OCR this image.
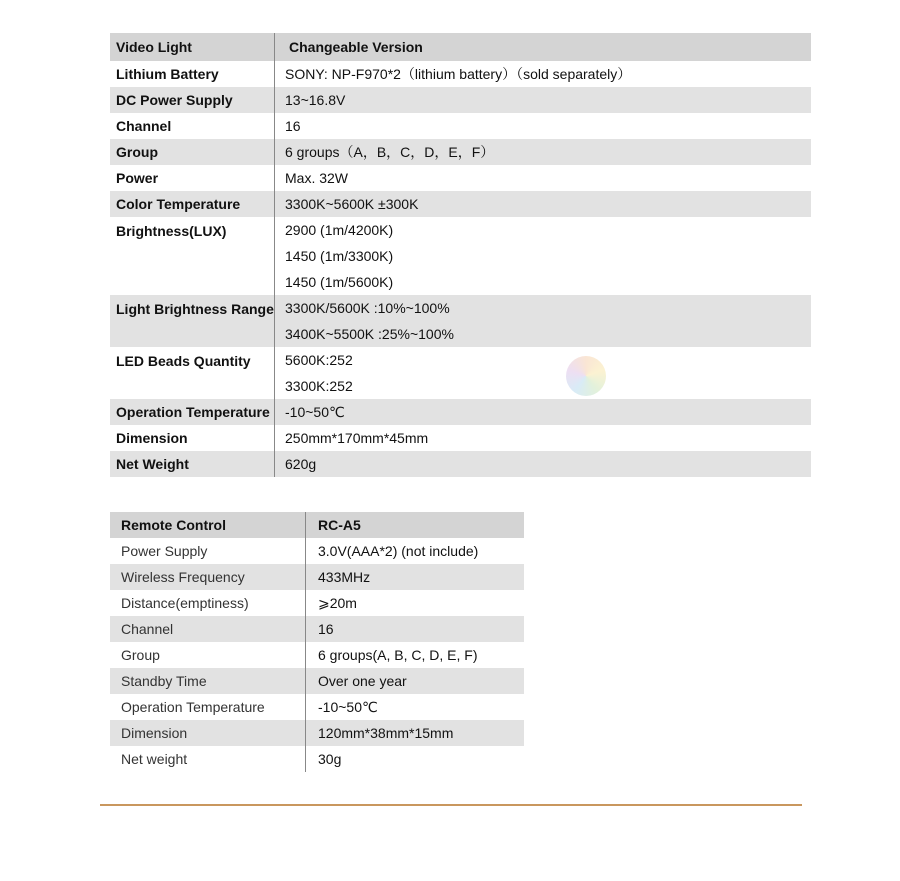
Video Light	Changeable Version
Lithium Battery	SONY: NP-F970*2（lithium battery）（sold separately）
DC Power Supply	13~16.8V
Channel	16
Group	6 groups（A，B，C，D，E，F）
Power	Max. 32W
Color Temperature	3300K~5600K ±300K
Brightness(LUX)	2900 (1m/4200K)
	1450 (1m/3300K)
	1450 (1m/5600K)
Light Brightness Range	3300K/5600K :10%~100%
	3400K~5500K :25%~100%
LED Beads Quantity	5600K:252
	3300K:252
Operation Temperature	-10~50℃
Dimension	250mm*170mm*45mm
Net Weight	620g
Remote Control	RC-A5
Power Supply	3.0V(AAA*2) (not include)
Wireless Frequency	433MHz
Distance(emptiness)	⩾20m
Channel	16
Group	6 groups(A, B, C, D, E, F)
Standby Time	Over one year
Operation Temperature	-10~50℃
Dimension	120mm*38mm*15mm
Net weight	30g
